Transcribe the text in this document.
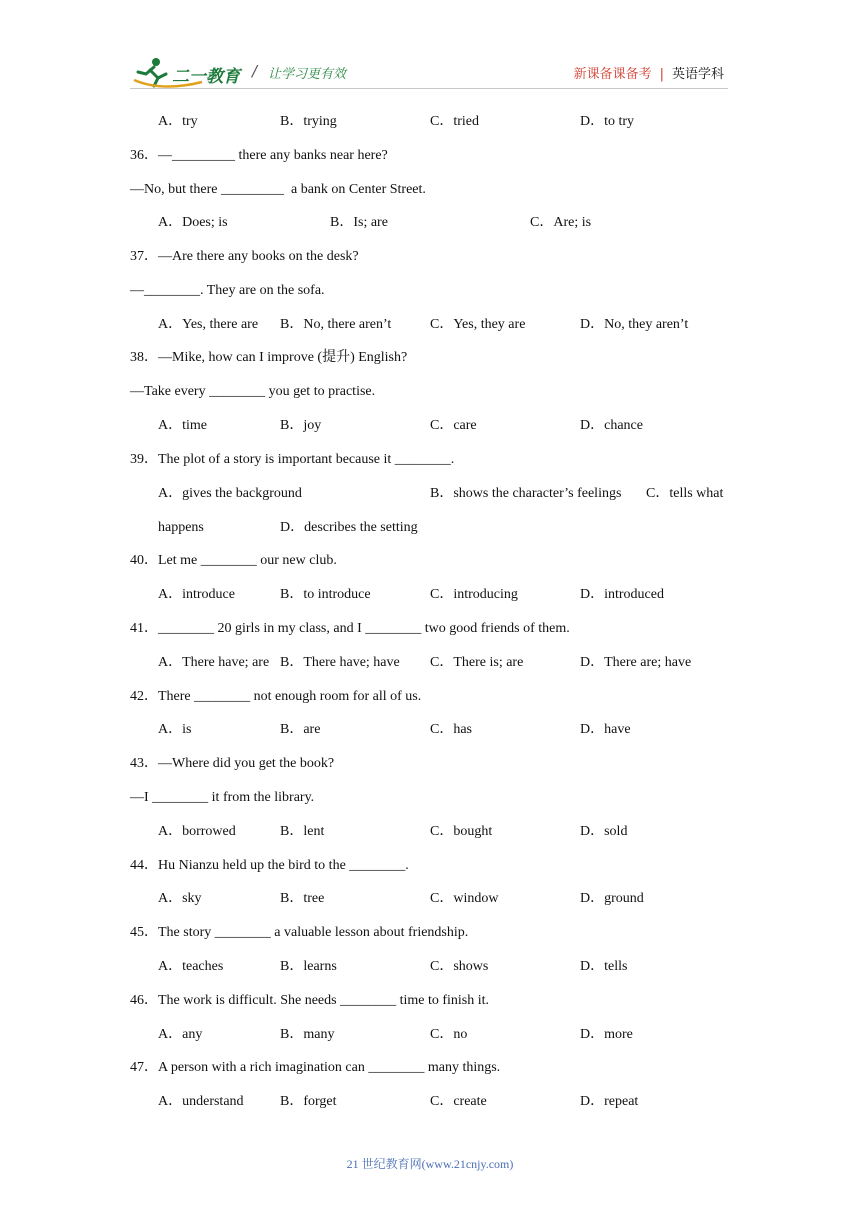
二一教育 / 让学习更有效	新课备课备考 | 英语学科
A．try	B．trying	C．tried	D．to try
36．—_________ there any banks near here?
—No, but there _________  a bank on Center Street.
A．Does; is	B．Is; are	C．Are; is
37．—Are there any books on the desk?
—________. They are on the sofa.
A．Yes, there are B．No, there aren’t	C．Yes, they are	D．No, they aren’t
38．—Mike, how can I improve (提升) English?
—Take every ________ you get to practise.
A．time	B．joy	C．care	D．chance
39．The plot of a story is important because it ________.
A．gives the background	B．shows the character’s feelings C．tells what
happens	D．describes the setting
40．Let me ________ our new club.
A．introduce	B．to introduce	C．introducing	D．introduced
41．________ 20 girls in my class, and I ________ two good friends of them.
A．There have; are B．There have; have C．There is; are	D．There are; have
42．There ________ not enough room for all of us.
A．is	B．are	C．has	D．have
43．—Where did you get the book?
—I ________ it from the library.
A．borrowed	B．lent	C．bought	D．sold
44．Hu Nianzu held up the bird to the ________.
A．sky	B．tree	C．window	D．ground
45．The story ________ a valuable lesson about friendship.
A．teaches	B．learns	C．shows	D．tells
46．The work is difficult. She needs ________ time to finish it.
A．any	B．many	C．no	D．more
47．A person with a rich imagination can ________ many things.
A．understand	B．forget	C．create	D．repeat
21 世纪教育网(www.21cnjy.com)
